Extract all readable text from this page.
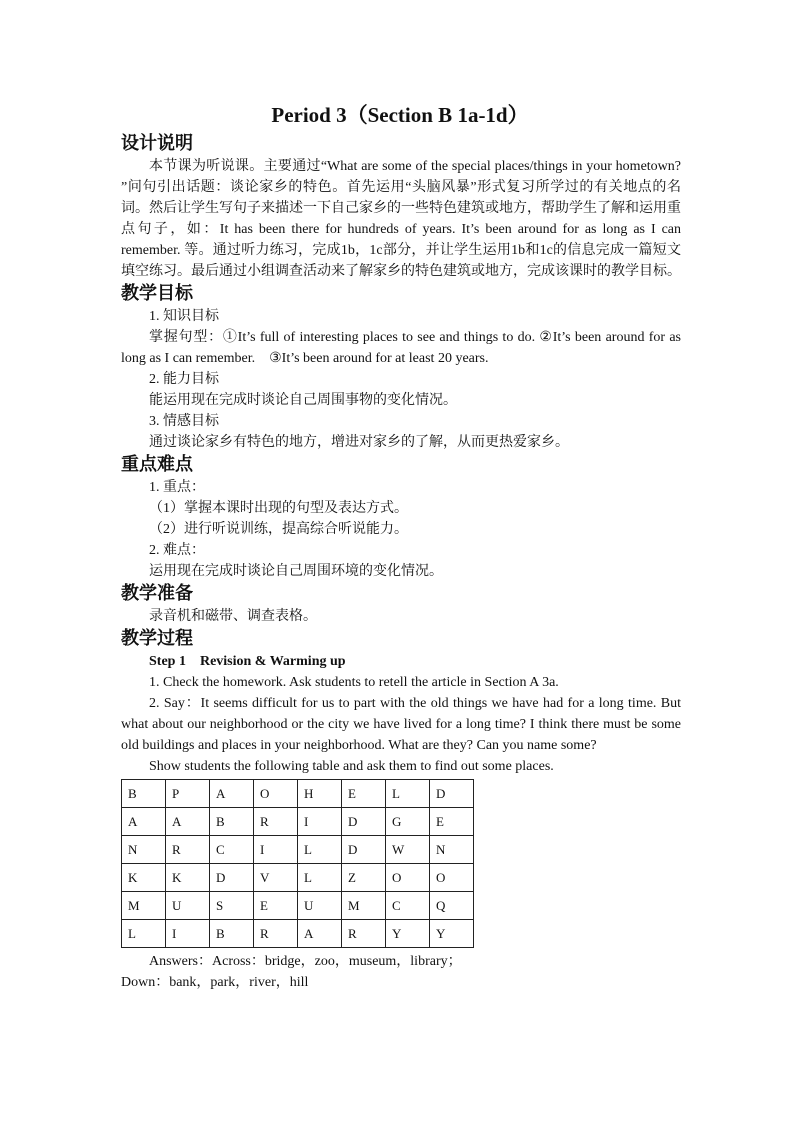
Period 3（Section B 1a-1d）
设计说明

本节课为听说课。主要通过“What are some of the special places/things in your hometown? ”问句引出话题：谈论家乡的特色。首先运用“头脑风暴”形式复习所学过的有关地点的名词。然后让学生写句子来描述一下自己家乡的一些特色建筑或地方，帮助学生了解和运用重点句子，如：It has been there for hundreds of years. It’s been around for as long as I can remember. 等。通过听力练习，完成1b，1c部分，并让学生运用1b和1c的信息完成一篇短文填空练习。最后通过小组调查活动来了解家乡的特色建筑或地方，完成该课时的教学目标。

教学目标

1. 知识目标

掌握句型：①It’s full of interesting places to see and things to do. ②It’s been around for as long as I can remember.　③It’s been around for at least 20 years.

2. 能力目标

能运用现在完成时谈论自己周围事物的变化情况。

3. 情感目标

通过谈论家乡有特色的地方，增进对家乡的了解，从而更热爱家乡。

重点难点

1. 重点：

（1）掌握本课时出现的句型及表达方式。

（2）进行听说训练，提高综合听说能力。

2. 难点：

运用现在完成时谈论自己周围环境的变化情况。

教学准备

录音机和磁带、调查表格。

教学过程

Step 1 Revision & Warming up

1. Check the homework. Ask students to retell the article in Section A 3a.

2. Say：It seems difficult for us to part with the old things we have had for a long time. But what about our neighborhood or the city we have lived for a long time? I think there must be some old buildings and places in your neighborhood. What are they? Can you name some?

Show students the following table and ask them to find out some places.

B	P	A	O	H	E	L	D
A	A	B	R	I	D	G	E
N	R	C	I	L	D	W	N
K	K	D	V	L	Z	O	O
M	U	S	E	U	M	C	Q
L	I	B	R	A	R	Y	Y

Answers：Across：bridge，zoo，museum，library；

Down：bank，park，river，hill
